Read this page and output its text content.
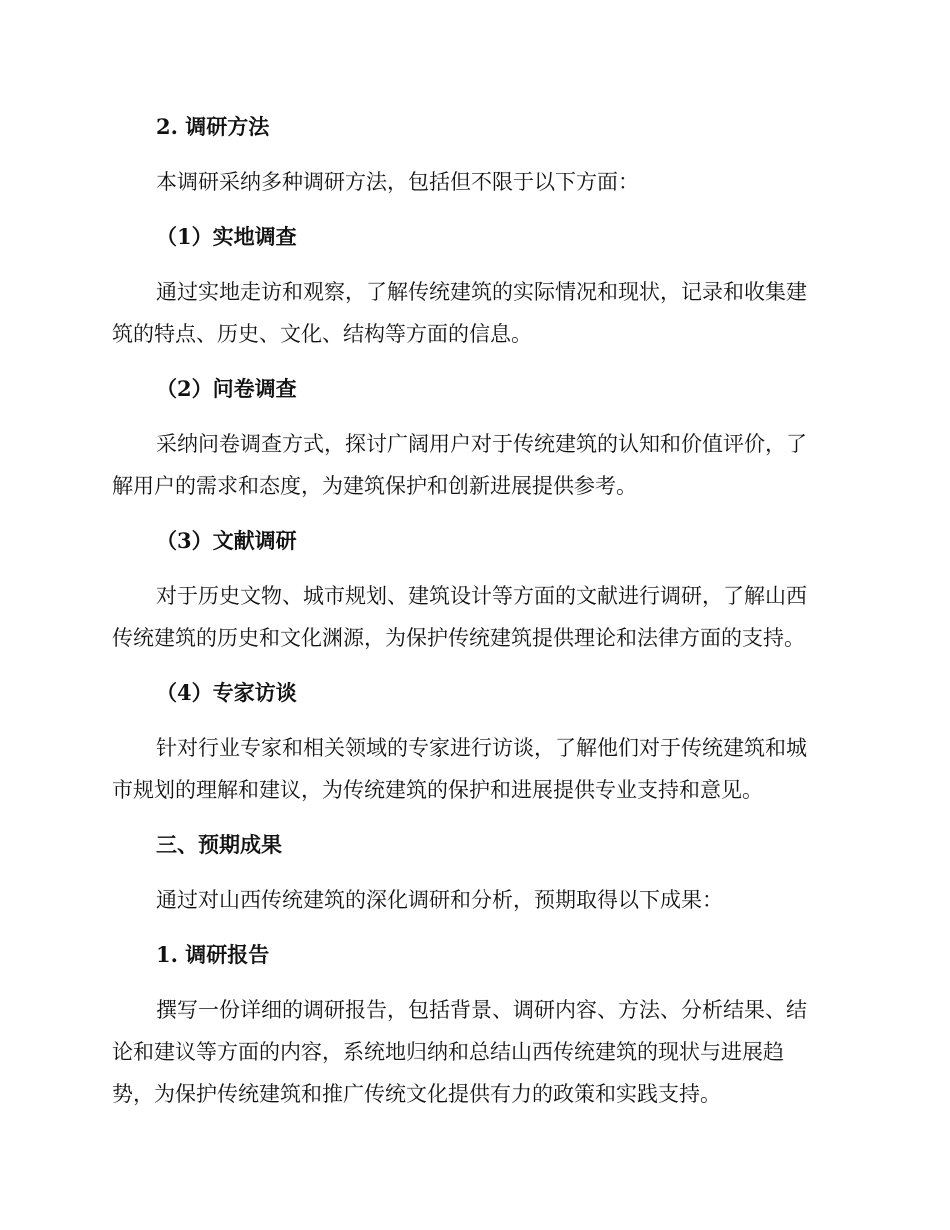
2. 调研方法
本调研采纳多种调研方法，包括但不限于以下方面：
（1）实地调查
通过实地走访和观察，了解传统建筑的实际情况和现状，记录和收集建
筑的特点、历史、文化、结构等方面的信息。
（2）问卷调查
采纳问卷调查方式，探讨广阔用户对于传统建筑的认知和价值评价，了
解用户的需求和态度，为建筑保护和创新进展提供参考。
（3）文献调研
对于历史文物、城市规划、建筑设计等方面的文献进行调研，了解山西
传统建筑的历史和文化渊源，为保护传统建筑提供理论和法律方面的支持。
（4）专家访谈
针对行业专家和相关领域的专家进行访谈，了解他们对于传统建筑和城
市规划的理解和建议，为传统建筑的保护和进展提供专业支持和意见。
三、预期成果
通过对山西传统建筑的深化调研和分析，预期取得以下成果：
1. 调研报告
撰写一份详细的调研报告，包括背景、调研内容、方法、分析结果、结
论和建议等方面的内容，系统地归纳和总结山西传统建筑的现状与进展趋
势，为保护传统建筑和推广传统文化提供有力的政策和实践支持。
